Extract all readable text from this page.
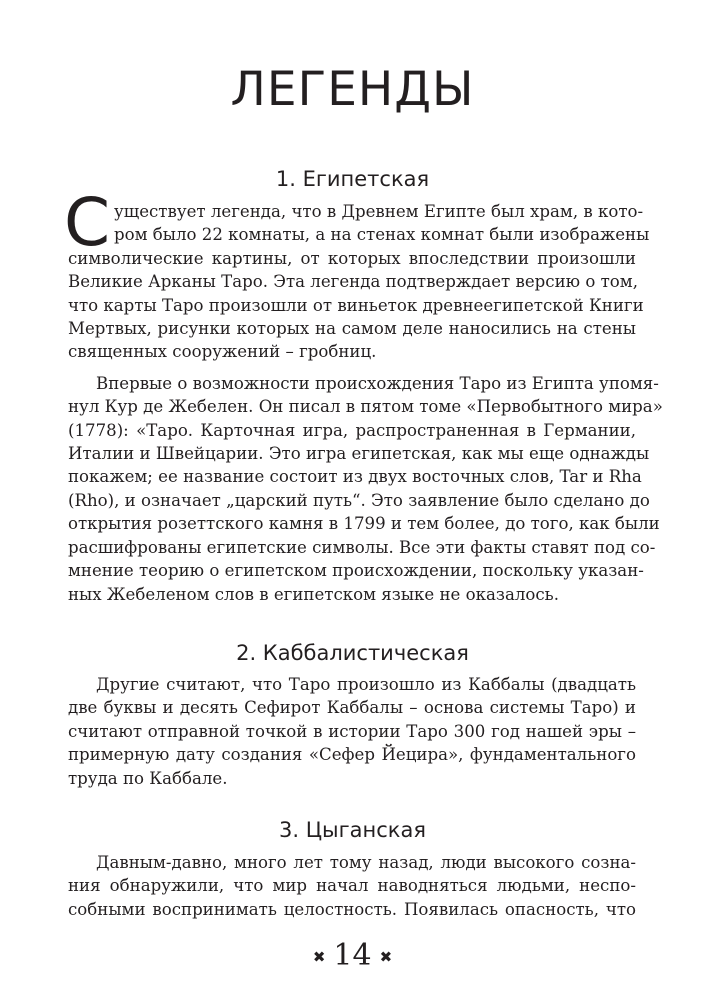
ЛЕГЕНДЫ
1. Египетская
С уществует легенда, что в Древнем Египте был храм, в кото-
ром было 22 комнаты, а на стенах комнат были изображены
символические картины, от которых впоследствии произошли
Великие Арканы Таро. Эта легенда подтверждает версию о том,
что карты Таро произошли от виньеток древнеегипетской Книги
Мертвых, рисунки которых на самом деле наносились на стены
священных сооружений – гробниц.

Впервые о возможности происхождения Таро из Египта упомя-
нул Кур де Жебелен. Он писал в пятом томе «Первобытного мира»
(1778): «Таро. Карточная игра, распространенная в Германии,
Италии и Швейцарии. Это игра египетская, как мы еще однажды
покажем; ее название состоит из двух восточных слов, Tar и Rha
(Rho), и означает „царский путь“. Это заявление было сделано до
открытия розеттского камня в 1799 и тем более, до того, как были
расшифрованы египетские символы. Все эти факты ставят под со-
мнение теорию о египетском происхождении, поскольку указан-
ных Жебеленом слов в египетском языке не оказалось.

2. Каббалистическая

Другие считают, что Таро произошло из Каббалы (двадцать
две буквы и десять Сефирот Каббалы – основа системы Таро) и
считают отправной точкой в истории Таро 300 год нашей эры –
примерную дату создания «Сефер Йецира», фундаментального
труда по Каббале.

3. Цыганская

Давным-давно, много лет тому назад, люди высокого созна-
ния обнаружили, что мир начал наводняться людьми, неспо-
собными воспринимать целостность. Появилась опасность, что

✖ 14 ✖
